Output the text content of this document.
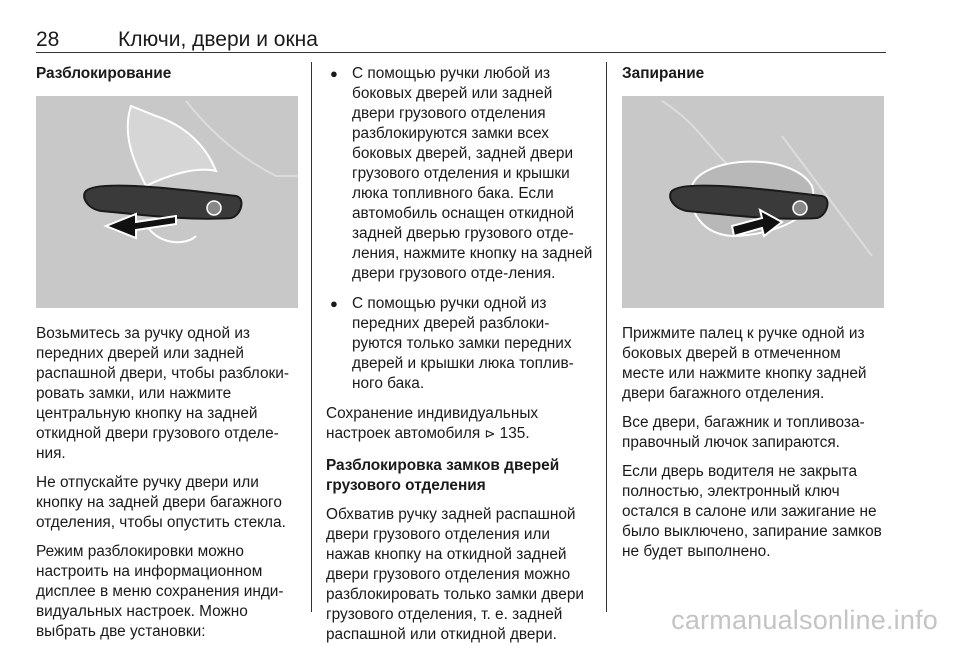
28	Ключи, двери и окна

Разблокирование

Возьмитесь за ручку одной из передних дверей или задней распашной двери, чтобы разблоки-ровать замки, или нажмите центральную кнопку на задней откидной двери грузового отделе-ния.

Не отпускайте ручку двери или кнопку на задней двери багажного отделения, чтобы опустить стекла.

Режим разблокировки можно настроить на информационном дисплее в меню сохранения инди-видуальных настроек. Можно выбрать две установки:

● С помощью ручки любой из боковых дверей или задней двери грузового отделения разблокируются замки всех боковых дверей, задней двери грузового отделения и крышки люка топливного бака. Если автомобиль оснащен откидной задней дверью грузового отде-ления, нажмите кнопку на задней двери грузового отде-ления.
● С помощью ручки одной из передних дверей разблоки-руются только замки передних дверей и крышки люка топлив-ного бака.

Сохранение индивидуальных настроек автомобиля ⊳ 135.

Разблокировка замков дверей грузового отделения

Обхватив ручку задней распашной двери грузового отделения или нажав кнопку на откидной задней двери грузового отделения можно разблокировать только замки двери грузового отделения, т. е. задней распашной или откидной двери.

Запирание

Прижмите палец к ручке одной из боковых дверей в отмеченном месте или нажмите кнопку задней двери багажного отделения.

Все двери, багажник и топливоза-правочный лючок запираются.

Если дверь водителя не закрыта полностью, электронный ключ остался в салоне или зажигание не было выключено, запирание замков не будет выполнено.

carmanualsonline.info
